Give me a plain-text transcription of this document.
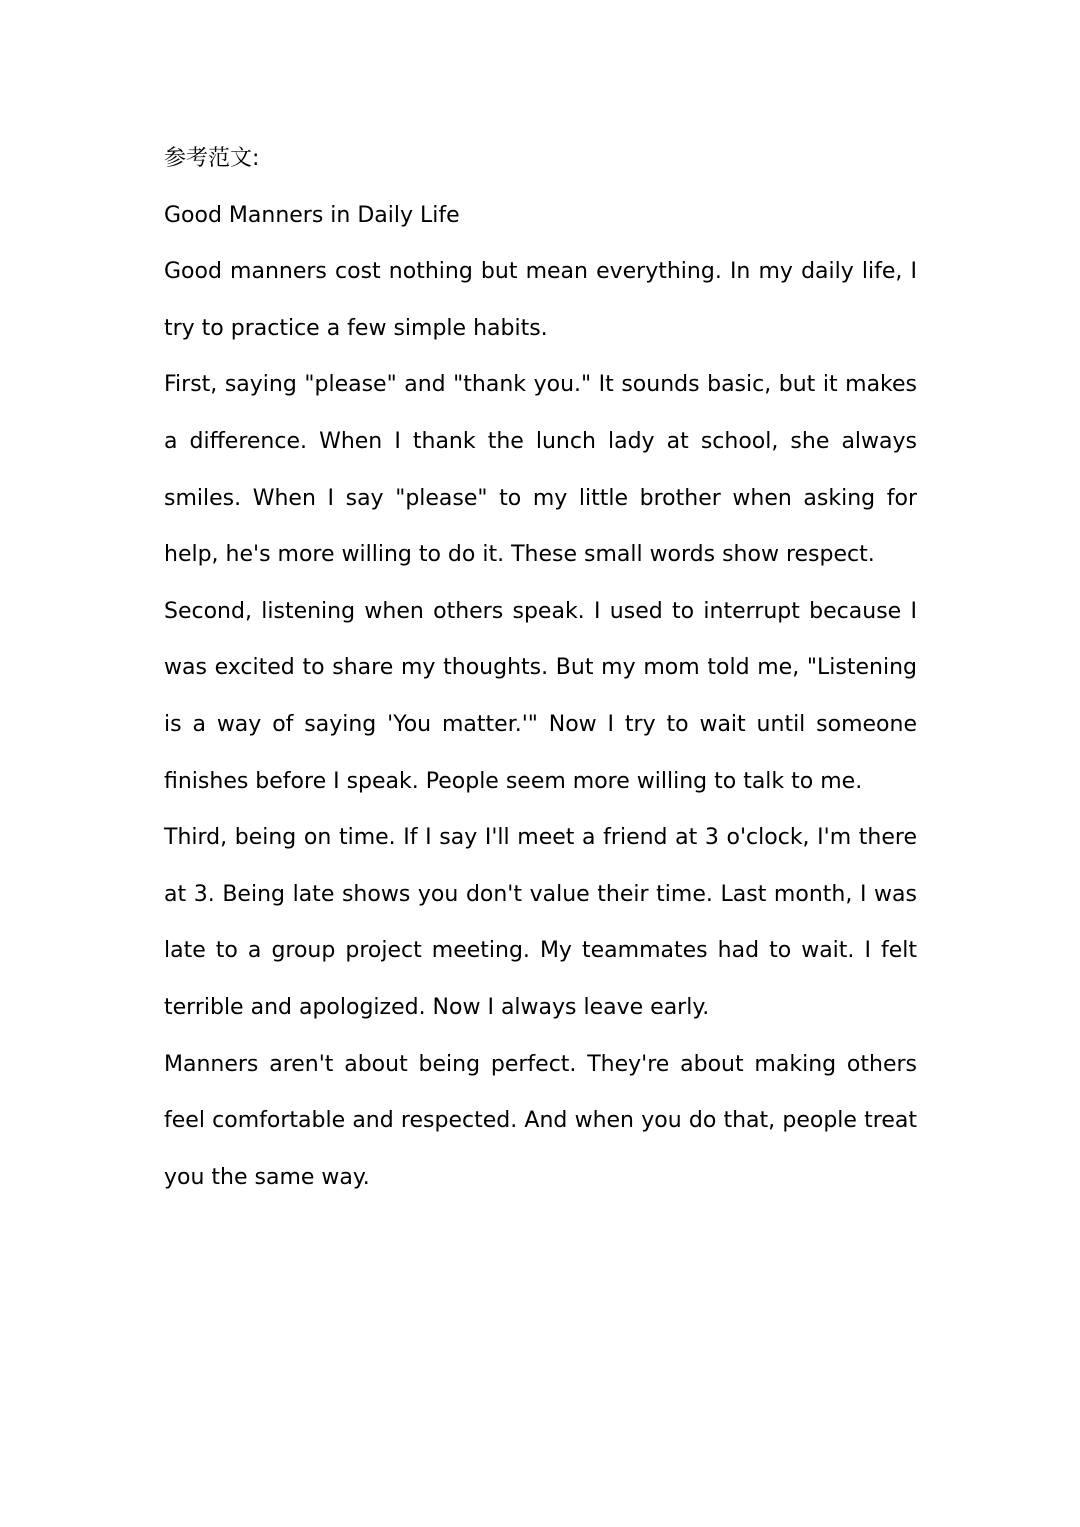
参考范文:

Good Manners in Daily Life

Good manners cost nothing but mean everything. In my daily life, I try to practice a few simple habits.

First, saying "please" and "thank you." It sounds basic, but it makes a difference. When I thank the lunch lady at school, she always smiles. When I say "please" to my little brother when asking for help, he's more willing to do it. These small words show respect.

Second, listening when others speak. I used to interrupt because I was excited to share my thoughts. But my mom told me, "Listening is a way of saying 'You matter.'" Now I try to wait until someone finishes before I speak. People seem more willing to talk to me.

Third, being on time. If I say I'll meet a friend at 3 o'clock, I'm there at 3. Being late shows you don't value their time. Last month, I was late to a group project meeting. My teammates had to wait. I felt terrible and apologized. Now I always leave early.

Manners aren't about being perfect. They're about making others feel comfortable and respected. And when you do that, people treat you the same way.
